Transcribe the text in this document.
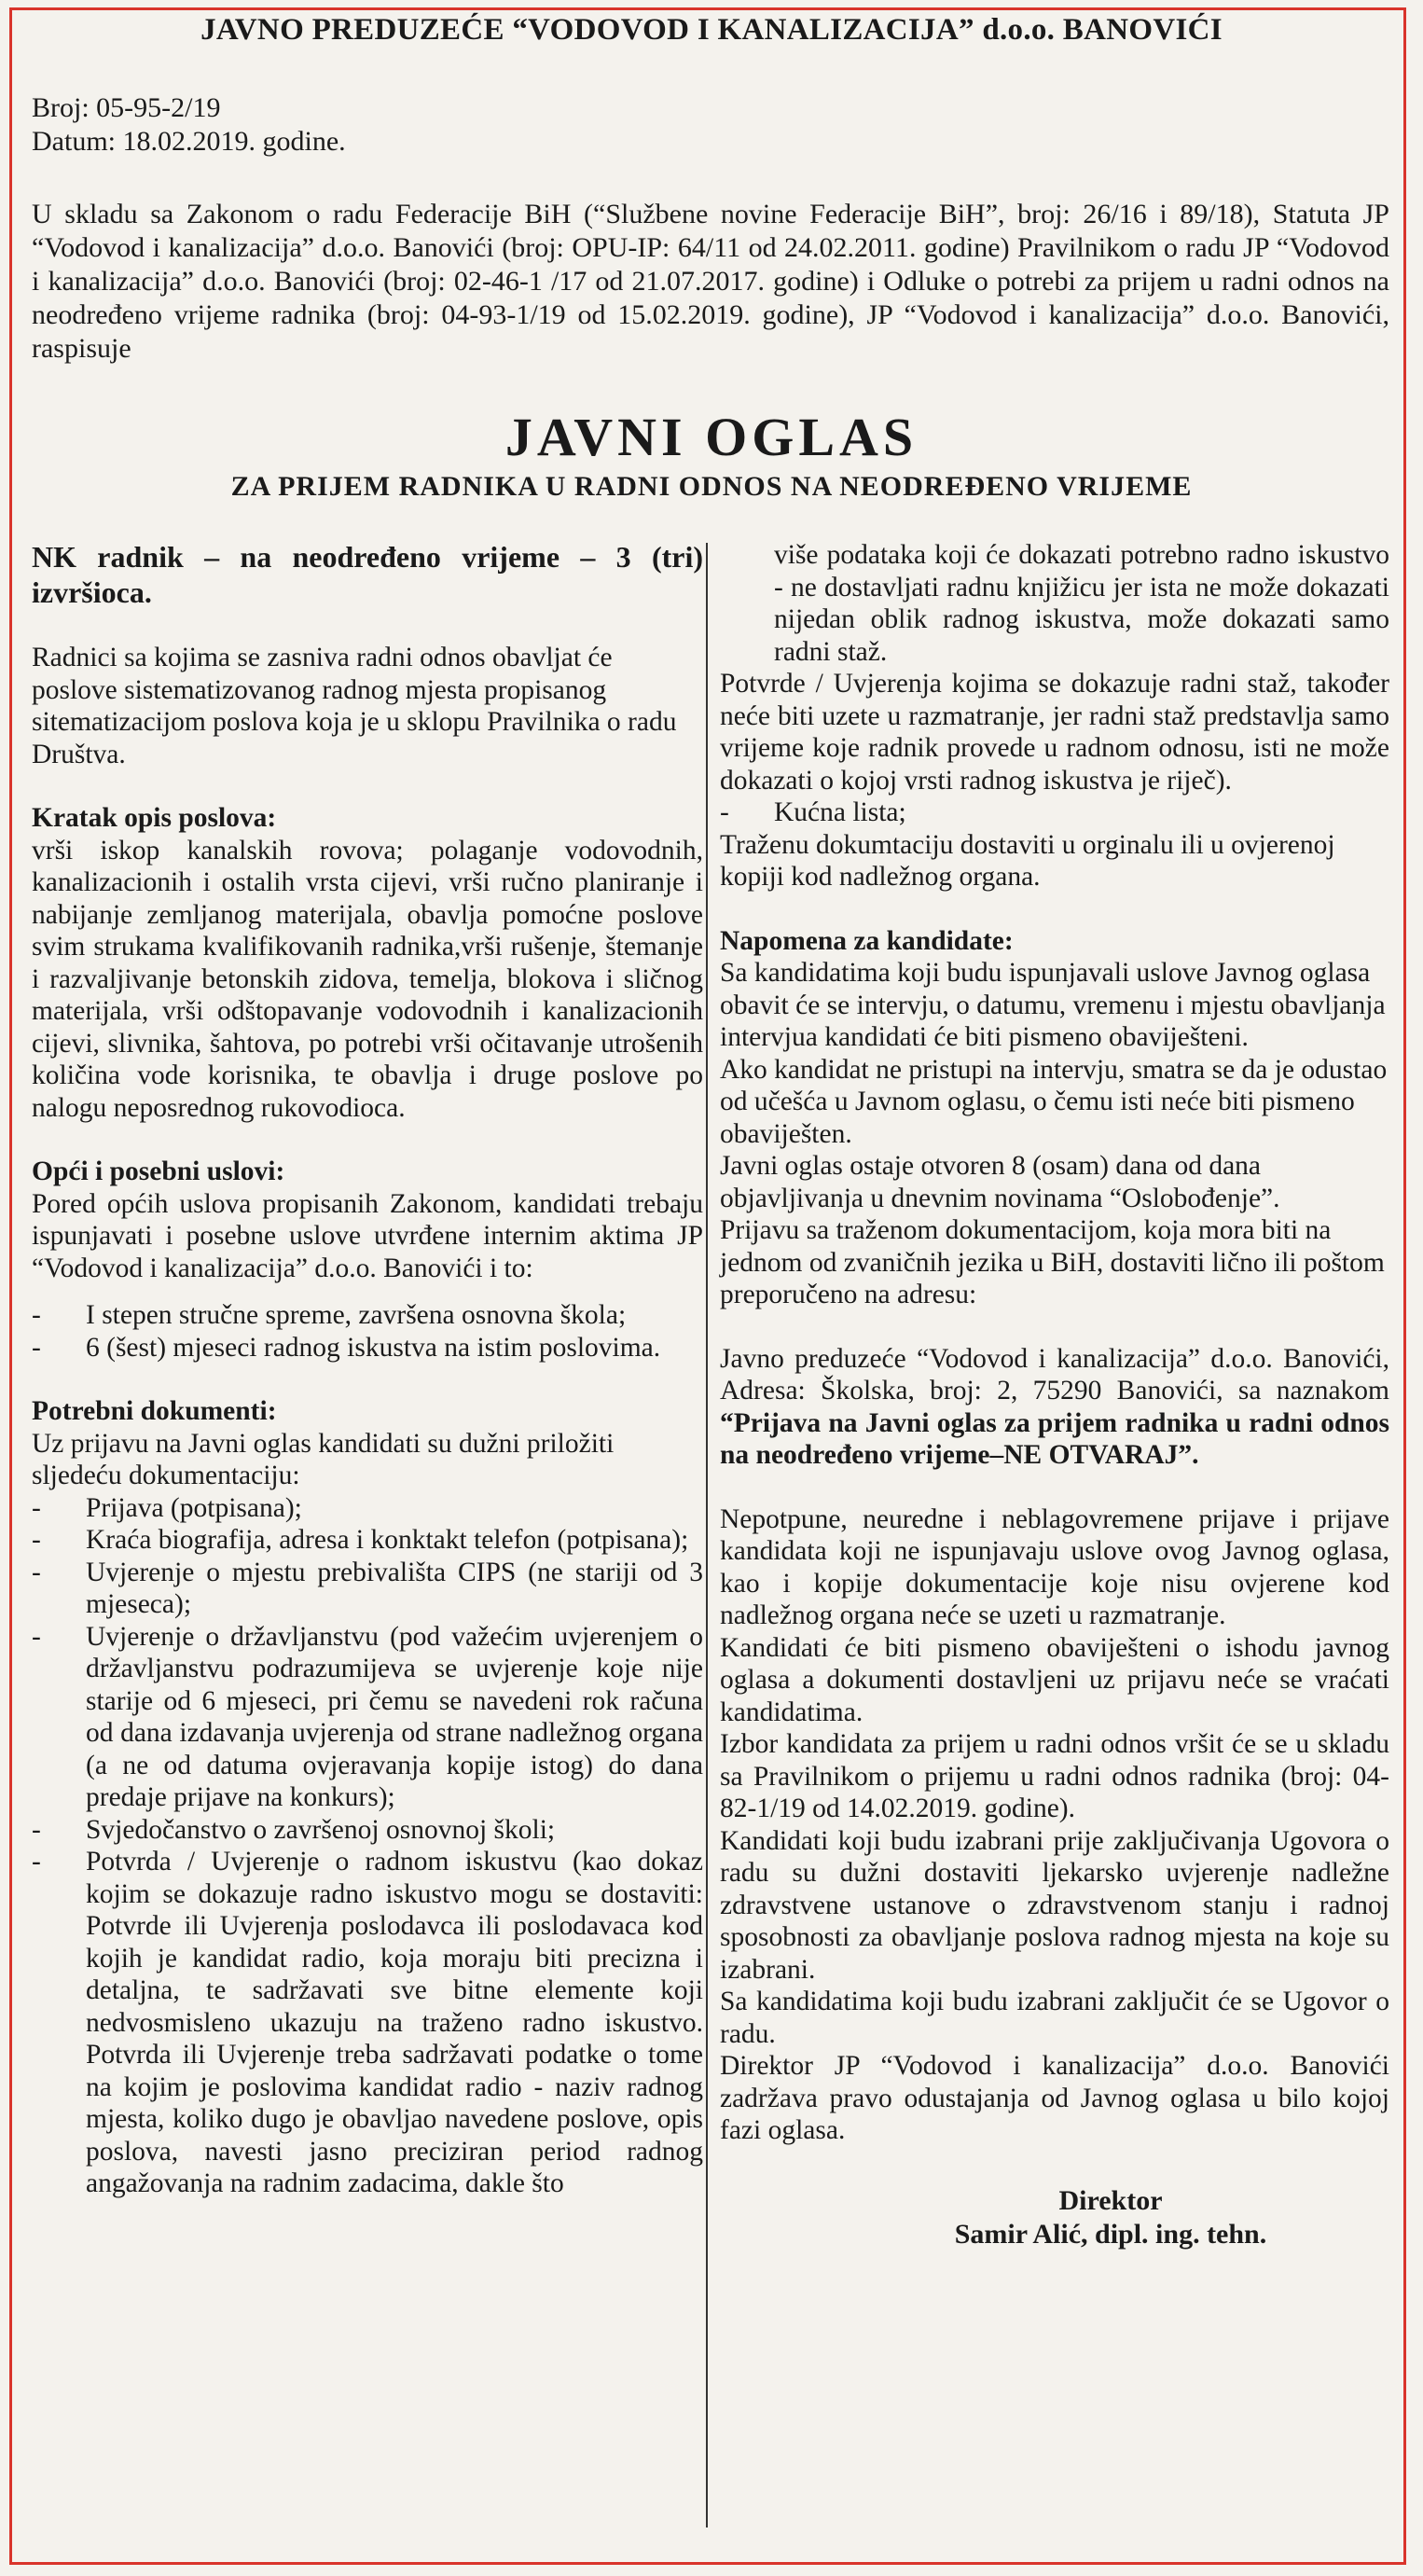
JAVNO PREDUZEĆE “VODOVOD I KANALIZACIJA” d.o.o. BANOVIĆI
Broj: 05-95-2/19
Datum: 18.02.2019. godine.
U skladu sa Zakonom o radu Federacije BiH (“Službene novine Federacije BiH”, broj: 26/16 i 89/18), Statuta JP “Vodovod i kanalizacija” d.o.o. Banovići (broj: OPU-IP: 64/11 od 24.02.2011. godine) Pravilnikom o radu JP “Vodovod i kanalizacija” d.o.o. Banovići (broj: 02-46-1 /17 od 21.07.2017. godine) i Odluke o potrebi za prijem u radni odnos na neodređeno vrijeme radnika (broj: 04-93-1/19 od 15.02.2019. godine), JP “Vodovod i kanalizacija” d.o.o. Banovići, raspisuje
JAVNI OGLAS
ZA PRIJEM RADNIKA U RADNI ODNOS NA NEODREĐENO VRIJEME
NK radnik – na neodređeno vrijeme – 3 (tri) izvršioca.
Radnici sa kojima se zasniva radni odnos obavljat će poslove sistematizovanog radnog mjesta propisanog sitematizacijom poslova koja je u sklopu Pravilnika o radu Društva.
Kratak opis poslova:
vrši iskop kanalskih rovova; polaganje vodovodnih, kanalizacionih i ostalih vrsta cijevi, vrši ručno planiranje i nabijanje zemljanog materijala, obavlja pomoćne poslove svim strukama kvalifikovanih radnika,vrši rušenje, štemanje i razvaljivanje betonskih zidova, temelja, blokova i sličnog materijala, vrši odštopavanje vodovodnih i kanalizacionih cijevi, slivnika, šahtova, po potrebi vrši očitavanje utrošenih količina vode korisnika, te obavlja i druge poslove po nalogu neposrednog rukovodioca.
Opći i posebni uslovi:
Pored općih uslova propisanih Zakonom, kandidati trebaju ispunjavati i posebne uslove utvrđene internim aktima JP “Vodovod i kanalizacija” d.o.o. Banovići i to:
- I stepen stručne spreme, završena osnovna škola;
- 6 (šest) mjeseci radnog iskustva na istim poslovima.
Potrebni dokumenti:
Uz prijavu na Javni oglas kandidati su dužni priložiti sljedeću dokumentaciju:
- Prijava (potpisana);
- Kraća biografija, adresa i konktakt telefon (potpisana);
- Uvjerenje o mjestu prebivališta CIPS (ne stariji od 3 mjeseca);
- Uvjerenje o državljanstvu (pod važećim uvjerenjem o državljanstvu podrazumijeva se uvjerenje koje nije starije od 6 mjeseci, pri čemu se navedeni rok računa od dana izdavanja uvjerenja od strane nadležnog organa (a ne od datuma ovjeravanja kopije istog) do dana predaje prijave na konkurs);
- Svjedočanstvo o završenoj osnovnoj školi;
- Potvrda / Uvjerenje o radnom iskustvu (kao dokaz kojim se dokazuje radno iskustvo mogu se dostaviti: Potvrde ili Uvjerenja poslodavca ili poslodavaca kod kojih je kandidat radio, koja moraju biti precizna i detaljna, te sadržavati sve bitne elemente koji nedvosmisleno ukazuju na traženo radno iskustvo. Potvrda ili Uvjerenje treba sadržavati podatke o tome na kojim je poslovima kandidat radio - naziv radnog mjesta, koliko dugo je obavljao navedene poslove, opis poslova, navesti jasno preciziran period radnog angažovanja na radnim zadacima, dakle što
više podataka koji će dokazati potrebno radno iskustvo - ne dostavljati radnu knjižicu jer ista ne može dokazati nijedan oblik radnog iskustva, može dokazati samo radni staž.
Potvrde / Uvjerenja kojima se dokazuje radni staž, također neće biti uzete u razmatranje, jer radni staž predstavlja samo vrijeme koje radnik provede u radnom odnosu, isti ne može dokazati o kojoj vrsti radnog iskustva je riječ).
- Kućna lista;
Traženu dokumtaciju dostaviti u orginalu ili u ovjerenoj kopiji kod nadležnog organa.
Napomena za kandidate:
Sa kandidatima koji budu ispunjavali uslove Javnog oglasa obavit će se intervju, o datumu, vremenu i mjestu obavljanja intervjua kandidati će biti pismeno obaviješteni.
Ako kandidat ne pristupi na intervju, smatra se da je odustao od učešća u Javnom oglasu, o čemu isti neće biti pismeno obaviješten.
Javni oglas ostaje otvoren 8 (osam) dana od dana objavljivanja u dnevnim novinama “Oslobođenje”.
Prijavu sa traženom dokumentacijom, koja mora biti na jednom od zvaničnih jezika u BiH, dostaviti lično ili poštom preporučeno na adresu:
Javno preduzeće “Vodovod i kanalizacija” d.o.o. Banovići, Adresa: Školska, broj: 2, 75290 Banovići, sa naznakom “Prijava na Javni oglas za prijem radnika u radni odnos na neodređeno vrijeme–NE OTVARAJ”.
Nepotpune, neuredne i neblagovremene prijave i prijave kandidata koji ne ispunjavaju uslove ovog Javnog oglasa, kao i kopije dokumentacije koje nisu ovjerene kod nadležnog organa neće se uzeti u razmatranje.
Kandidati će biti pismeno obaviješteni o ishodu javnog oglasa a dokumenti dostavljeni uz prijavu neće se vraćati kandidatima.
Izbor kandidata za prijem u radni odnos vršit će se u skladu sa Pravilnikom o prijemu u radni odnos radnika (broj: 04-82-1/19 od 14.02.2019. godine).
Kandidati koji budu izabrani prije zaključivanja Ugovora o radu su dužni dostaviti ljekarsko uvjerenje nadležne zdravstvene ustanove o zdravstvenom stanju i radnoj sposobnosti za obavljanje poslova radnog mjesta na koje su izabrani.
Sa kandidatima koji budu izabrani zaključit će se Ugovor o radu.
Direktor JP “Vodovod i kanalizacija” d.o.o. Banovići zadržava pravo odustajanja od Javnog oglasa u bilo kojoj fazi oglasa.
Direktor
Samir Alić, dipl. ing. tehn.
